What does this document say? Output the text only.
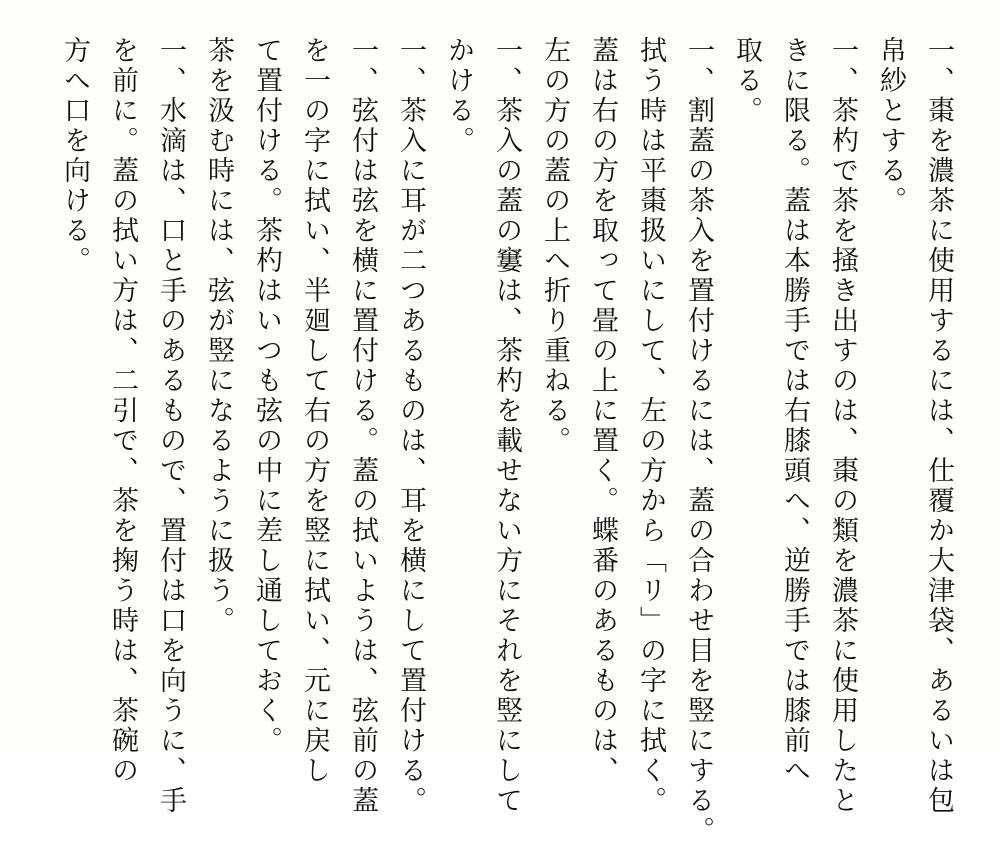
一、棗を濃茶に使用するには、仕覆か大津袋、あるいは包
帛紗とする。
一、茶杓で茶を掻き出すのは、棗の類を濃茶に使用したと
きに限る。蓋は本勝手では右膝頭へ、逆勝手では膝前へ
取る。
一、割蓋の茶入を置付けるには、蓋の合わせ目を竪にする。
拭う時は平棗扱いにして、左の方から「リ」の字に拭く。
蓋は右の方を取って畳の上に置く。蝶番のあるものは、
左の方の蓋の上へ折り重ねる。
一、茶入の蓋の窶は、茶杓を載せない方にそれを竪にして
かける。
一、茶入に耳が二つあるものは、耳を横にして置付ける。
一、弦付は弦を横に置付ける。蓋の拭いようは、弦前の蓋
を一の字に拭い、半廻して右の方を竪に拭い、元に戻し
て置付ける。茶杓はいつも弦の中に差し通しておく。
茶を汲む時には、弦が竪になるように扱う。
一、水滴は、口と手のあるもので、置付は口を向うに、手
を前に。蓋の拭い方は、二引で、茶を掬う時は、茶碗の
方へ口を向ける。
